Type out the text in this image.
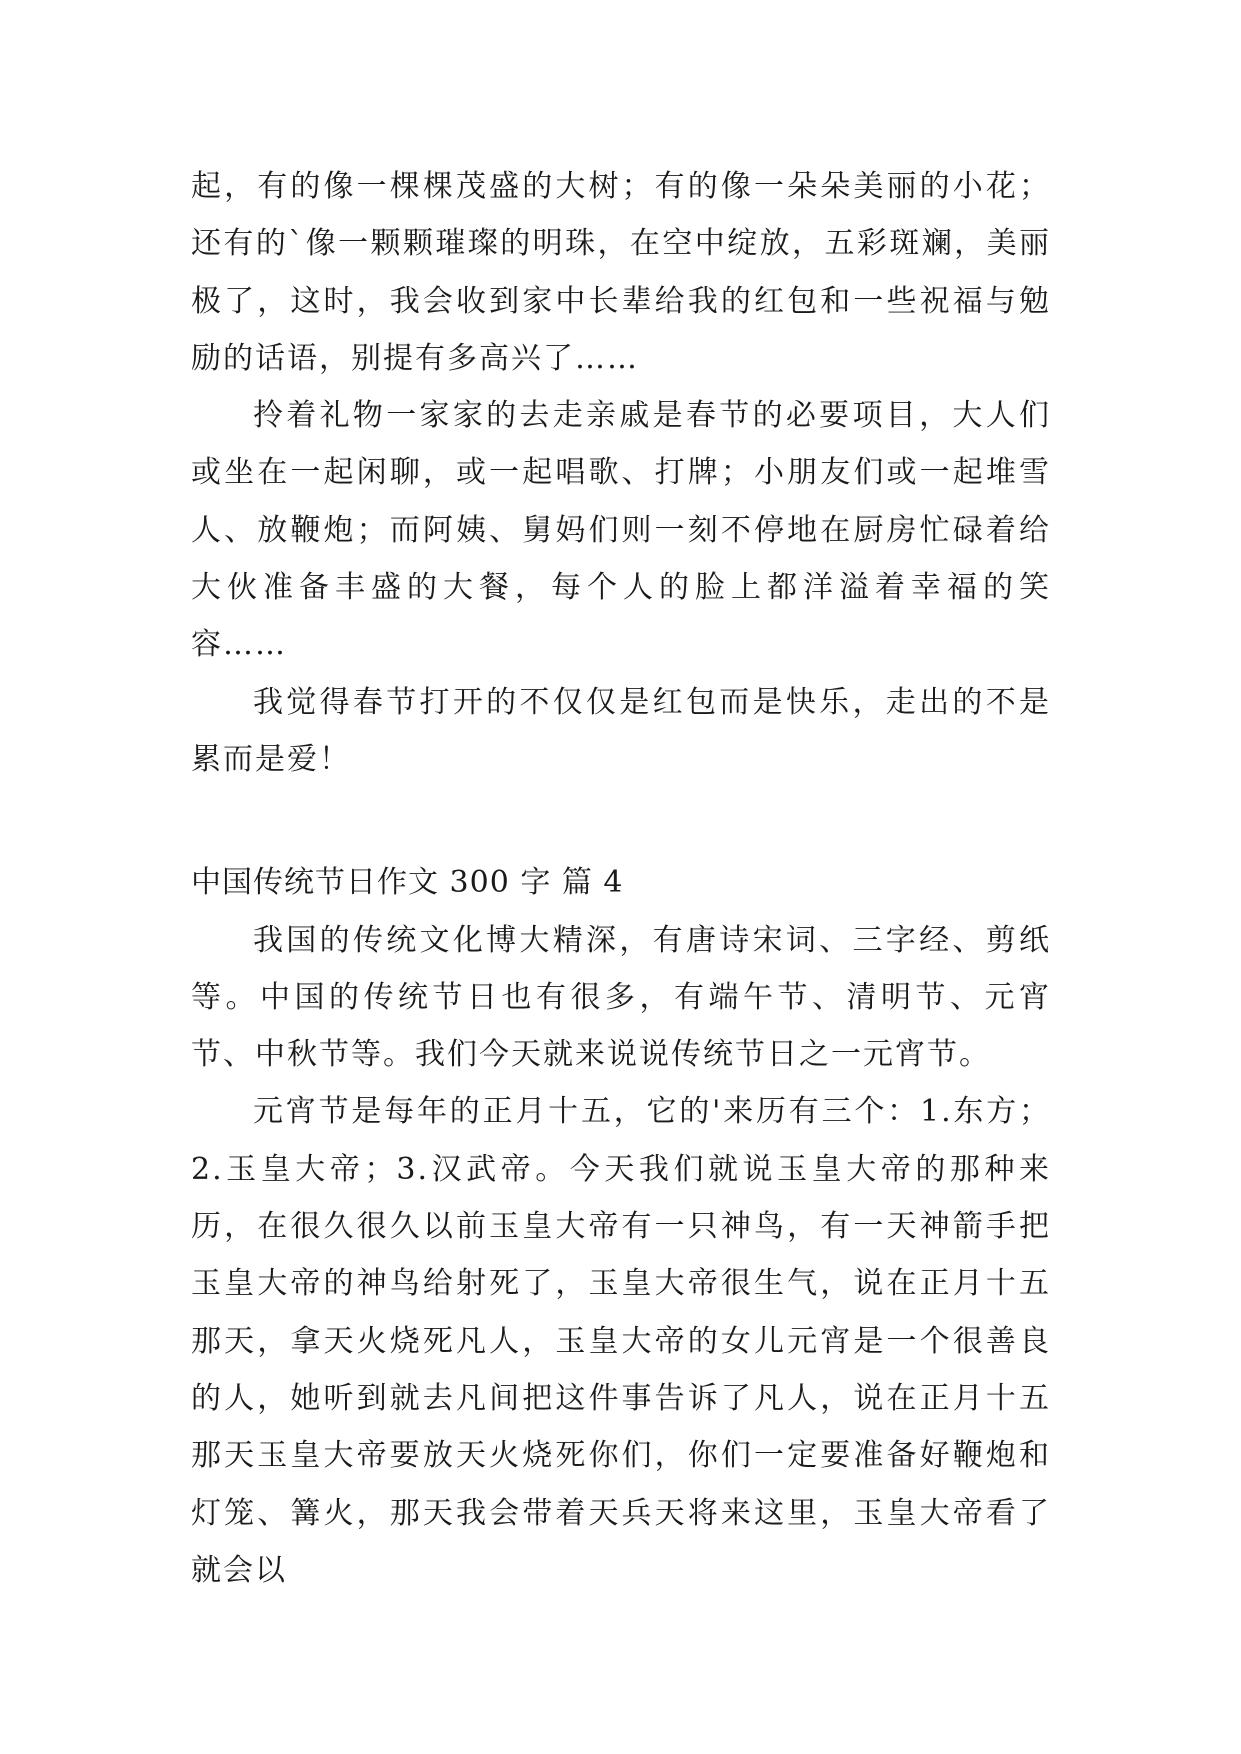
起，有的像一棵棵茂盛的大树；有的像一朵朵美丽的小花；还有的`像一颗颗璀璨的明珠，在空中绽放，五彩斑斓，美丽极了，这时，我会收到家中长辈给我的红包和一些祝福与勉励的话语，别提有多高兴了……

拎着礼物一家家的去走亲戚是春节的必要项目，大人们或坐在一起闲聊，或一起唱歌、打牌；小朋友们或一起堆雪人、放鞭炮；而阿姨、舅妈们则一刻不停地在厨房忙碌着给大伙准备丰盛的大餐，每个人的脸上都洋溢着幸福的笑容……

我觉得春节打开的不仅仅是红包而是快乐，走出的不是累而是爱！

中国传统节日作文 300 字 篇 4

我国的传统文化博大精深，有唐诗宋词、三字经、剪纸等。中国的传统节日也有很多，有端午节、清明节、元宵节、中秋节等。我们今天就来说说传统节日之一元宵节。

元宵节是每年的正月十五，它的'来历有三个：1.东方；2.玉皇大帝；3.汉武帝。今天我们就说玉皇大帝的那种来历，在很久很久以前玉皇大帝有一只神鸟，有一天神箭手把玉皇大帝的神鸟给射死了，玉皇大帝很生气，说在正月十五那天，拿天火烧死凡人，玉皇大帝的女儿元宵是一个很善良的人，她听到就去凡间把这件事告诉了凡人，说在正月十五那天玉皇大帝要放天火烧死你们，你们一定要准备好鞭炮和灯笼、篝火，那天我会带着天兵天将来这里，玉皇大帝看了就会以
